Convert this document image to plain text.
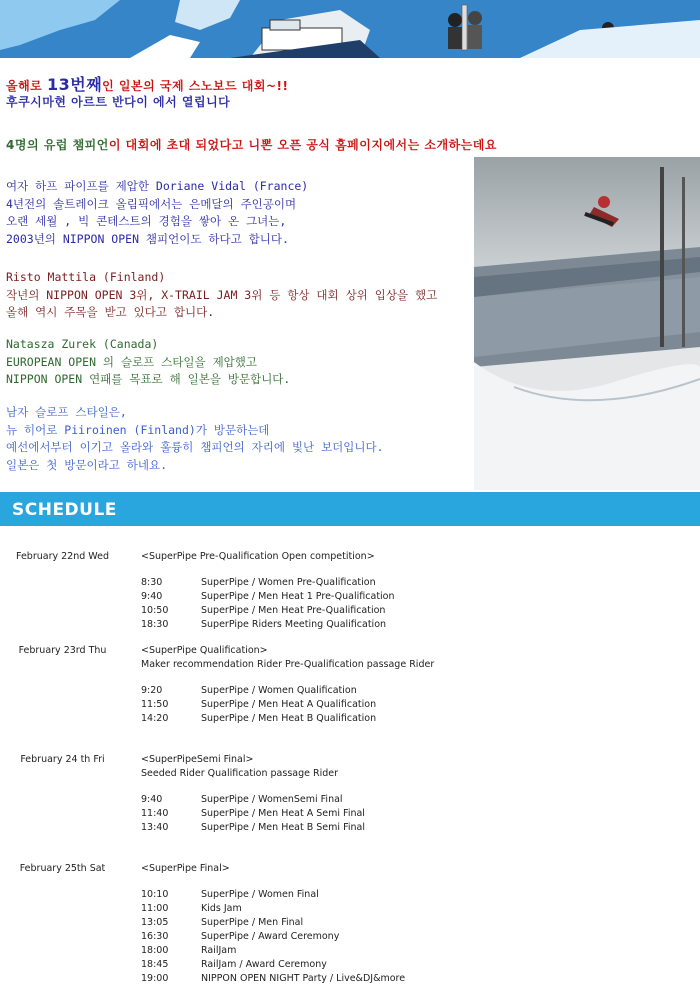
올해로 13번째인 일본의 국제 스노보드 대회~!!
후쿠시마현 아르트 반다이 에서 열립니다
4명의 유럽 챔피언이 대회에 초대 되었다고 니뽄 오픈 공식 홈페이지에서는 소개하는데요
여자 하프 파이프를 제압한 Doriane Vidal (France)
4년전의 솔트레이크 올림픽에서는 은메달의 주인공이며
오랜 세월 , 빅 콘테스트의 경험을 쌓아 온 그녀는,
2003년의 NIPPON OPEN 챔피언이도 하다고 합니다.
Risto Mattila (Finland)
작년의 NIPPON OPEN 3위, X-TRAIL JAM 3위 등 항상 대회 상위 입상을 했고
올해 역시 주목을 받고 있다고 합니다.
Natasza Zurek (Canada)
EUROPEAN OPEN 의 슬로프 스타일을 제압했고
NIPPON OPEN 연패를 목표로 해 일본을 방문합니다.
남자 슬로프 스타일은,
뉴 히어로 Piiroinen (Finland)가 방문하는데
예선에서부터 이기고 올라와 훌륭히 챔피언의 자리에 빛난 보더입니다.
일본은 첫 방문이라고 하네요.
SCHEDULE
February 22nd Wed	<SuperPipe Pre-Qualification Open competition>
8:30	SuperPipe / Women Pre-Qualification
9:40	SuperPipe / Men Heat 1 Pre-Qualification
10:50	SuperPipe / Men Heat Pre-Qualification
18:30	SuperPipe Riders Meeting Qualification
February 23rd Thu	<SuperPipe Qualification>
Maker recommendation Rider Pre-Qualification passage Rider
9:20	SuperPipe / Women Qualification
11:50	SuperPipe / Men Heat A Qualification
14:20	SuperPipe / Men Heat B Qualification
February 24 th Fri	<SuperPipeSemi Final>
Seeded Rider Qualification passage Rider
9:40	SuperPipe / WomenSemi Final
11:40	SuperPipe / Men Heat A Semi Final
13:40	SuperPipe / Men Heat B Semi Final
February 25th Sat	<SuperPipe Final>
10:10	SuperPipe / Women Final
11:00	Kids Jam
13:05	SuperPipe / Men Final
16:30	SuperPipe / Award Ceremony
18:00	RailJam
18:45	RailJam / Award Ceremony
19:00	NIPPON OPEN NIGHT Party / Live&DJ&more
